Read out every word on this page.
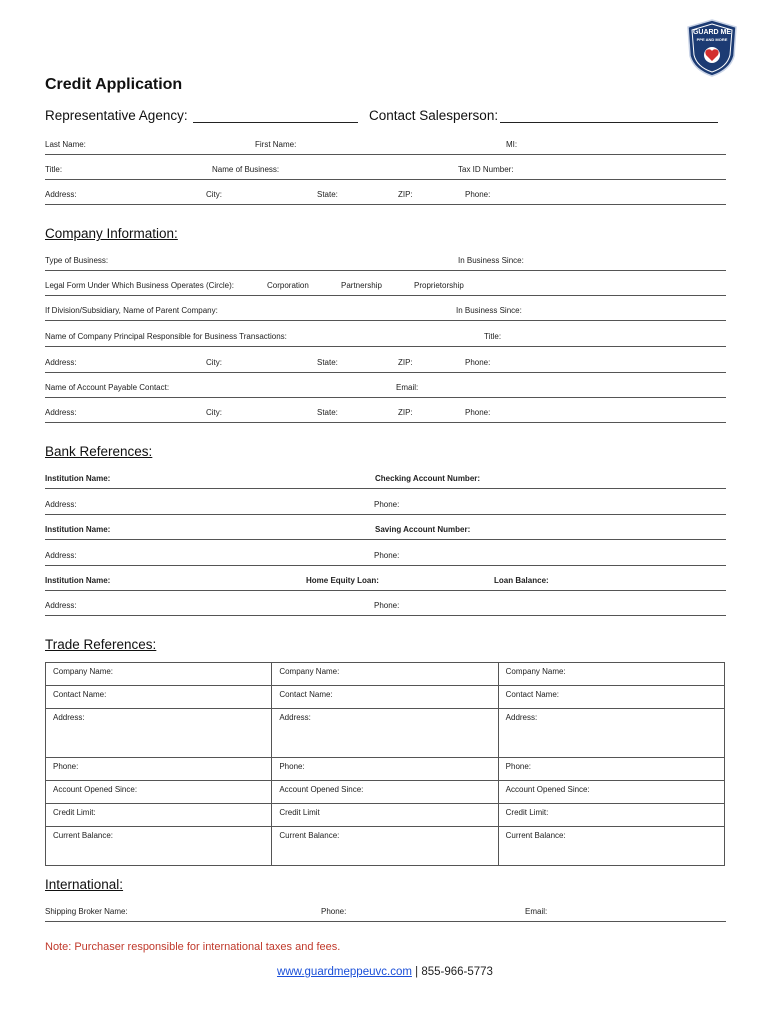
GUARD ME
PPE AND MORE
Credit Application
Representative Agency:	Contact Salesperson:
Last Name:	First Name:	MI:
Title:	Name of Business:	Tax ID Number:
Address:	City:	State:	ZIP:	Phone:
Company Information:
Type of Business:	In Business Since:
Legal Form Under Which Business Operates (Circle):	Corporation	Partnership	Proprietorship
If Division/Subsidiary, Name of Parent Company:	In Business Since:
Name of Company Principal Responsible for Business Transactions:	Title:
Address:	City:	State:	ZIP:	Phone:
Name of Account Payable Contact:	Email:
Address:	City:	State:	ZIP:	Phone:
Bank References:
Institution Name:	Checking Account Number:
Address:	Phone:
Institution Name:	Saving Account Number:
Address:	Phone:
Institution Name:	Home Equity Loan:	Loan Balance:
Address:	Phone:
Trade References:
Company Name:	Company Name:	Company Name:
Contact Name:	Contact Name:	Contact Name:
Address:	Address:	Address:
Phone:	Phone:	Phone:
Account Opened Since:	Account Opened Since:	Account Opened Since:
Credit Limit:	Credit Limit	Credit Limit:
Current Balance:	Current Balance:	Current Balance:
International:
Shipping Broker Name:	Phone:	Email:
Note: Purchaser responsible for international taxes and fees.
www.guardmeppeuvc.com | 855-966-5773
